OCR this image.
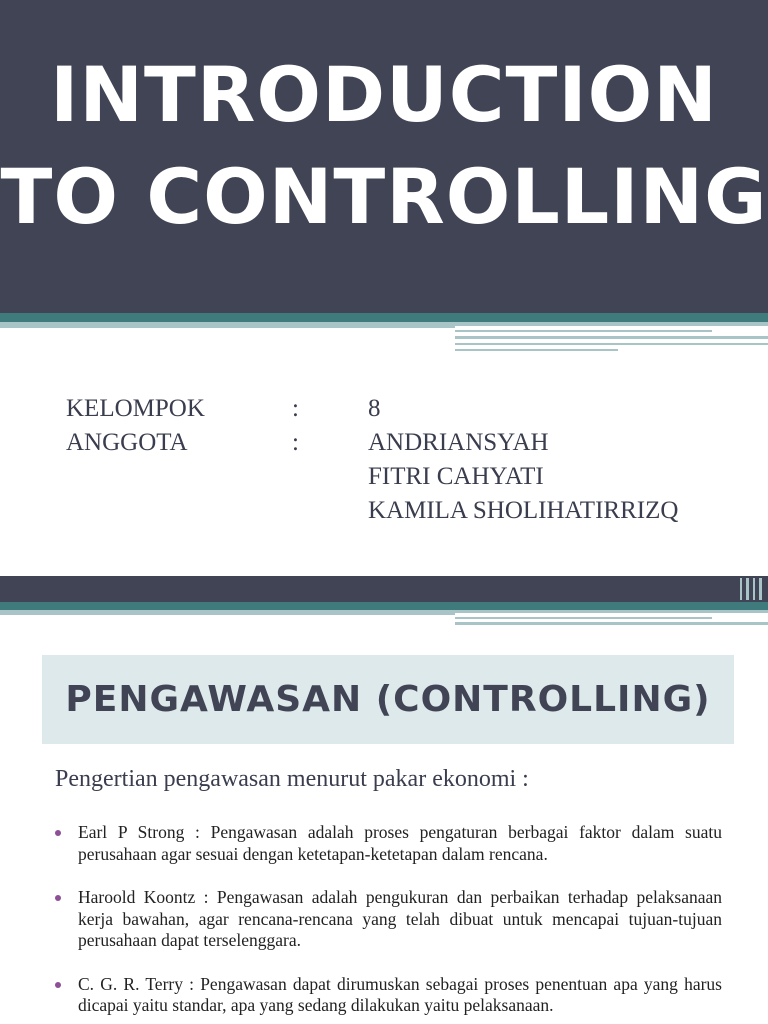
INTRODUCTION
TO CONTROLLING
KELOMPOK	:	8
ANGGOTA	:	ANDRIANSYAH
FITRI CAHYATI
KAMILA SHOLIHATIRRIZQ
PENGAWASAN (CONTROLLING)

Pengertian pengawasan menurut pakar ekonomi :

Earl P Strong : Pengawasan adalah proses pengaturan berbagai faktor dalam suatu perusahaan agar sesuai dengan ketetapan-ketetapan dalam rencana.
Haroold Koontz : Pengawasan adalah pengukuran dan perbaikan terhadap pelaksanaan kerja bawahan, agar rencana-rencana yang telah dibuat untuk mencapai tujuan-tujuan perusahaan dapat terselenggara.
C. G. R. Terry : Pengawasan dapat dirumuskan sebagai proses penentuan apa yang harus dicapai yaitu standar, apa yang sedang dilakukan yaitu pelaksanaan.
